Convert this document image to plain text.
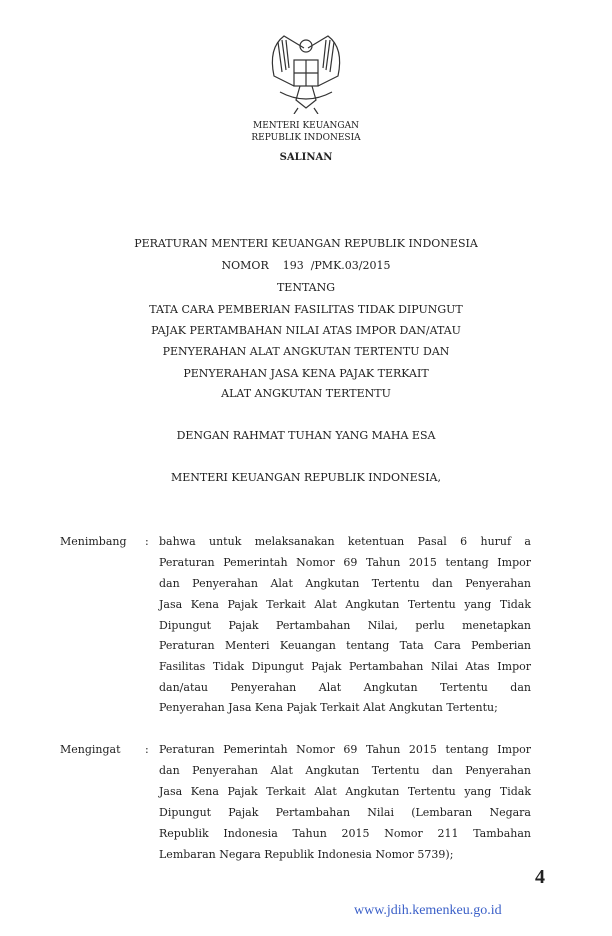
MENTERI KEUANGAN
REPUBLIK INDONESIA
SALINAN
PERATURAN MENTERI KEUANGAN REPUBLIK INDONESIA
NOMOR    193  /PMK.03/2015
TENTANG
TATA CARA PEMBERIAN FASILITAS TIDAK DIPUNGUT
PAJAK PERTAMBAHAN NILAI ATAS IMPOR DAN/ATAU
PENYERAHAN ALAT ANGKUTAN TERTENTU DAN
PENYERAHAN JASA KENA PAJAK TERKAIT
ALAT ANGKUTAN TERTENTU
DENGAN RAHMAT TUHAN YANG MAHA ESA
MENTERI KEUANGAN REPUBLIK INDONESIA,
Menimbang : bahwa untuk melaksanakan ketentuan Pasal 6 huruf a
Peraturan Pemerintah Nomor 69 Tahun 2015 tentang Impor
dan Penyerahan Alat Angkutan Tertentu dan Penyerahan
Jasa Kena Pajak Terkait Alat Angkutan Tertentu yang Tidak
Dipungut Pajak Pertambahan Nilai, perlu menetapkan
Peraturan Menteri Keuangan tentang Tata Cara Pemberian
Fasilitas Tidak Dipungut Pajak Pertambahan Nilai Atas Impor
dan/atau Penyerahan Alat Angkutan Tertentu dan
Penyerahan Jasa Kena Pajak Terkait Alat Angkutan Tertentu;
Mengingat : Peraturan Pemerintah Nomor 69 Tahun 2015 tentang Impor
dan Penyerahan Alat Angkutan Tertentu dan Penyerahan
Jasa Kena Pajak Terkait Alat Angkutan Tertentu yang Tidak
Dipungut Pajak Pertambahan Nilai (Lembaran Negara
Republik Indonesia Tahun 2015 Nomor 211 Tambahan
Lembaran Negara Republik Indonesia Nomor 5739);
4
www.jdih.kemenkeu.go.id
